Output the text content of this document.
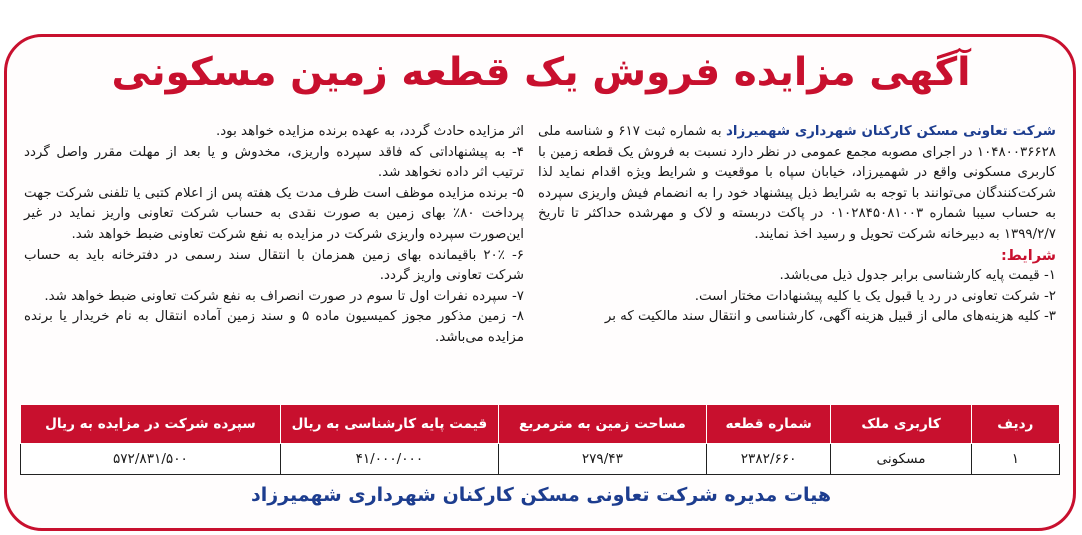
آگهی مزایده فروش یک قطعه زمین مسکونی
شرکت تعاونی مسکن کارکنان شهرداری شهمیرزاد به شماره ثبت ۶۱۷ و شناسه ملی ۱۰۴۸۰۰۳۶۶۲۸ در اجرای مصوبه مجمع عمومی در نظر دارد نسبت به فروش یک قطعه زمین با کاربری مسکونی واقع در شهمیرزاد، خیابان سپاه با موقعیت و شرایط ویژه اقدام نماید لذا شرکت‌کنندگان می‌توانند با توجه به شرایط ذیل پیشنهاد خود را به انضمام فیش واریزی سپرده به حساب سیبا شماره ۰۱۰۲۸۴۵۰۸۱۰۰۳ در پاکت دربسته و لاک و مهرشده حداکثر تا تاریخ ۱۳۹۹/۲/۷ به دبیرخانه شرکت تحویل و رسید اخذ نمایند.
شرایط:
۱- قیمت پایه کارشناسی برابر جدول ذیل می‌باشد.
۲- شرکت تعاونی در رد یا قبول یک یا کلیه پیشنهادات مختار است.
۳- کلیه هزینه‌های مالی از قبیل هزینه آگهی، کارشناسی و انتقال سند مالکیت که بر
اثر مزایده حادث گردد، به عهده برنده مزایده خواهد بود.
۴- به پیشنهاداتی که فاقد سپرده واریزی، مخدوش و یا بعد از مهلت مقرر واصل گردد ترتیب اثر داده نخواهد شد.
۵- برنده مزایده موظف است ظرف مدت یک هفته پس از اعلام کتبی یا تلفنی شرکت جهت پرداخت ۸۰٪ بهای زمین به صورت نقدی به حساب شرکت تعاونی واریز نماید در غیر این‌صورت سپرده واریزی شرکت در مزایده به نفع شرکت تعاونی ضبط خواهد شد.
۶- ۲۰٪ باقیمانده بهای زمین همزمان با انتقال سند رسمی در دفترخانه باید به حساب شرکت تعاونی واریز گردد.
۷- سپرده نفرات اول تا سوم در صورت انصراف به نفع شرکت تعاونی ضبط خواهد شد.
۸- زمین مذکور مجوز کمیسیون ماده ۵ و سند زمین آماده انتقال به نام خریدار یا برنده مزایده می‌باشد.
ردیف	کاربری ملک	شماره قطعه	مساحت زمین به مترمربع	قیمت پایه کارشناسی به ریال	سپرده شرکت در مزایده به ریال
۱	مسکونی	۲۳۸۲/۶۶۰	۲۷۹/۴۳	۴۱/۰۰۰/۰۰۰	۵۷۲/۸۳۱/۵۰۰
هیات مدیره شرکت تعاونی مسکن کارکنان شهرداری شهمیرزاد
